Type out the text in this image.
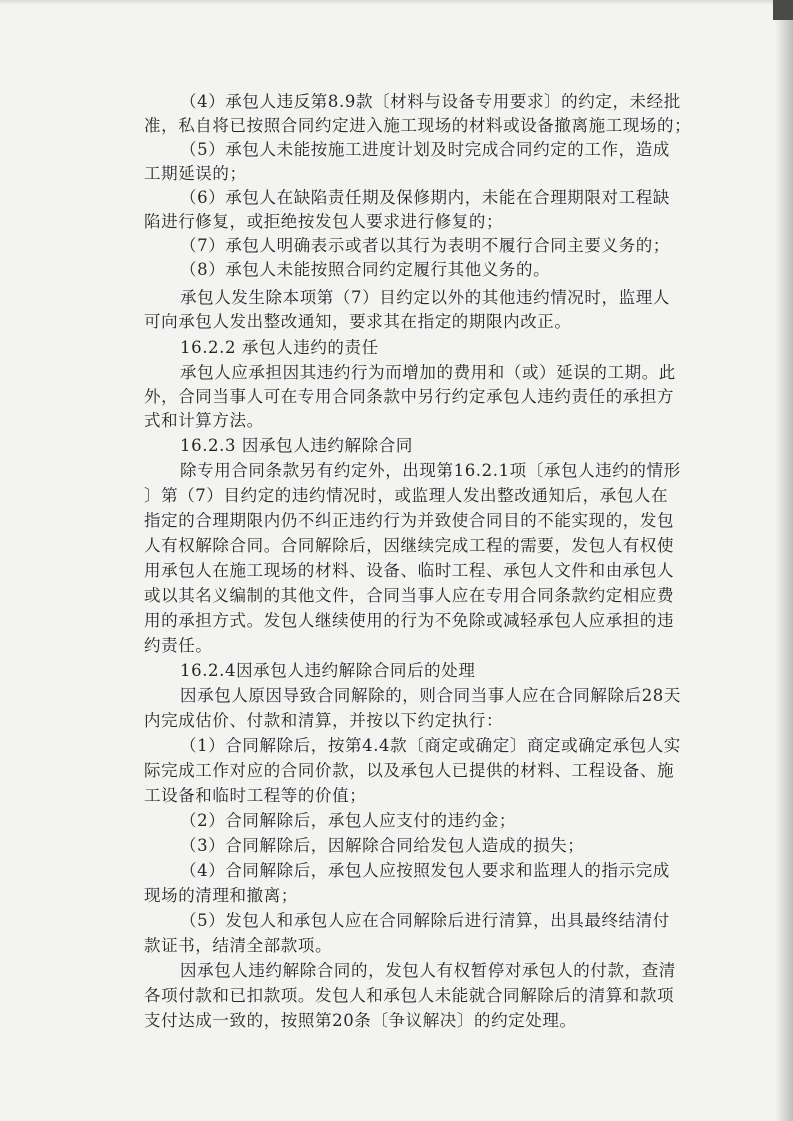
（4）承包人违反第8.9款〔材料与设备专用要求〕的约定，未经批
准，私自将已按照合同约定进入施工现场的材料或设备撤离施工现场的；
（5）承包人未能按施工进度计划及时完成合同约定的工作，造成
工期延误的；
（6）承包人在缺陷责任期及保修期内，未能在合理期限对工程缺
陷进行修复，或拒绝按发包人要求进行修复的；
（7）承包人明确表示或者以其行为表明不履行合同主要义务的；
（8）承包人未能按照合同约定履行其他义务的。
承包人发生除本项第（7）目约定以外的其他违约情况时，监理人
可向承包人发出整改通知，要求其在指定的期限内改正。
16.2.2 承包人违约的责任
承包人应承担因其违约行为而增加的费用和（或）延误的工期。此
外，合同当事人可在专用合同条款中另行约定承包人违约责任的承担方
式和计算方法。
16.2.3 因承包人违约解除合同
除专用合同条款另有约定外，出现第16.2.1项〔承包人违约的情形
〕第（7）目约定的违约情况时，或监理人发出整改通知后，承包人在
指定的合理期限内仍不纠正违约行为并致使合同目的不能实现的，发包
人有权解除合同。合同解除后，因继续完成工程的需要，发包人有权使
用承包人在施工现场的材料、设备、临时工程、承包人文件和由承包人
或以其名义编制的其他文件，合同当事人应在专用合同条款约定相应费
用的承担方式。发包人继续使用的行为不免除或减轻承包人应承担的违
约责任。
16.2.4因承包人违约解除合同后的处理
因承包人原因导致合同解除的，则合同当事人应在合同解除后28天
内完成估价、付款和清算，并按以下约定执行：
（1）合同解除后，按第4.4款〔商定或确定〕商定或确定承包人实
际完成工作对应的合同价款，以及承包人已提供的材料、工程设备、施
工设备和临时工程等的价值；
（2）合同解除后，承包人应支付的违约金；
（3）合同解除后，因解除合同给发包人造成的损失；
（4）合同解除后，承包人应按照发包人要求和监理人的指示完成
现场的清理和撤离；
（5）发包人和承包人应在合同解除后进行清算，出具最终结清付
款证书，结清全部款项。
因承包人违约解除合同的，发包人有权暂停对承包人的付款，查清
各项付款和已扣款项。发包人和承包人未能就合同解除后的清算和款项
支付达成一致的，按照第20条〔争议解决〕的约定处理。
